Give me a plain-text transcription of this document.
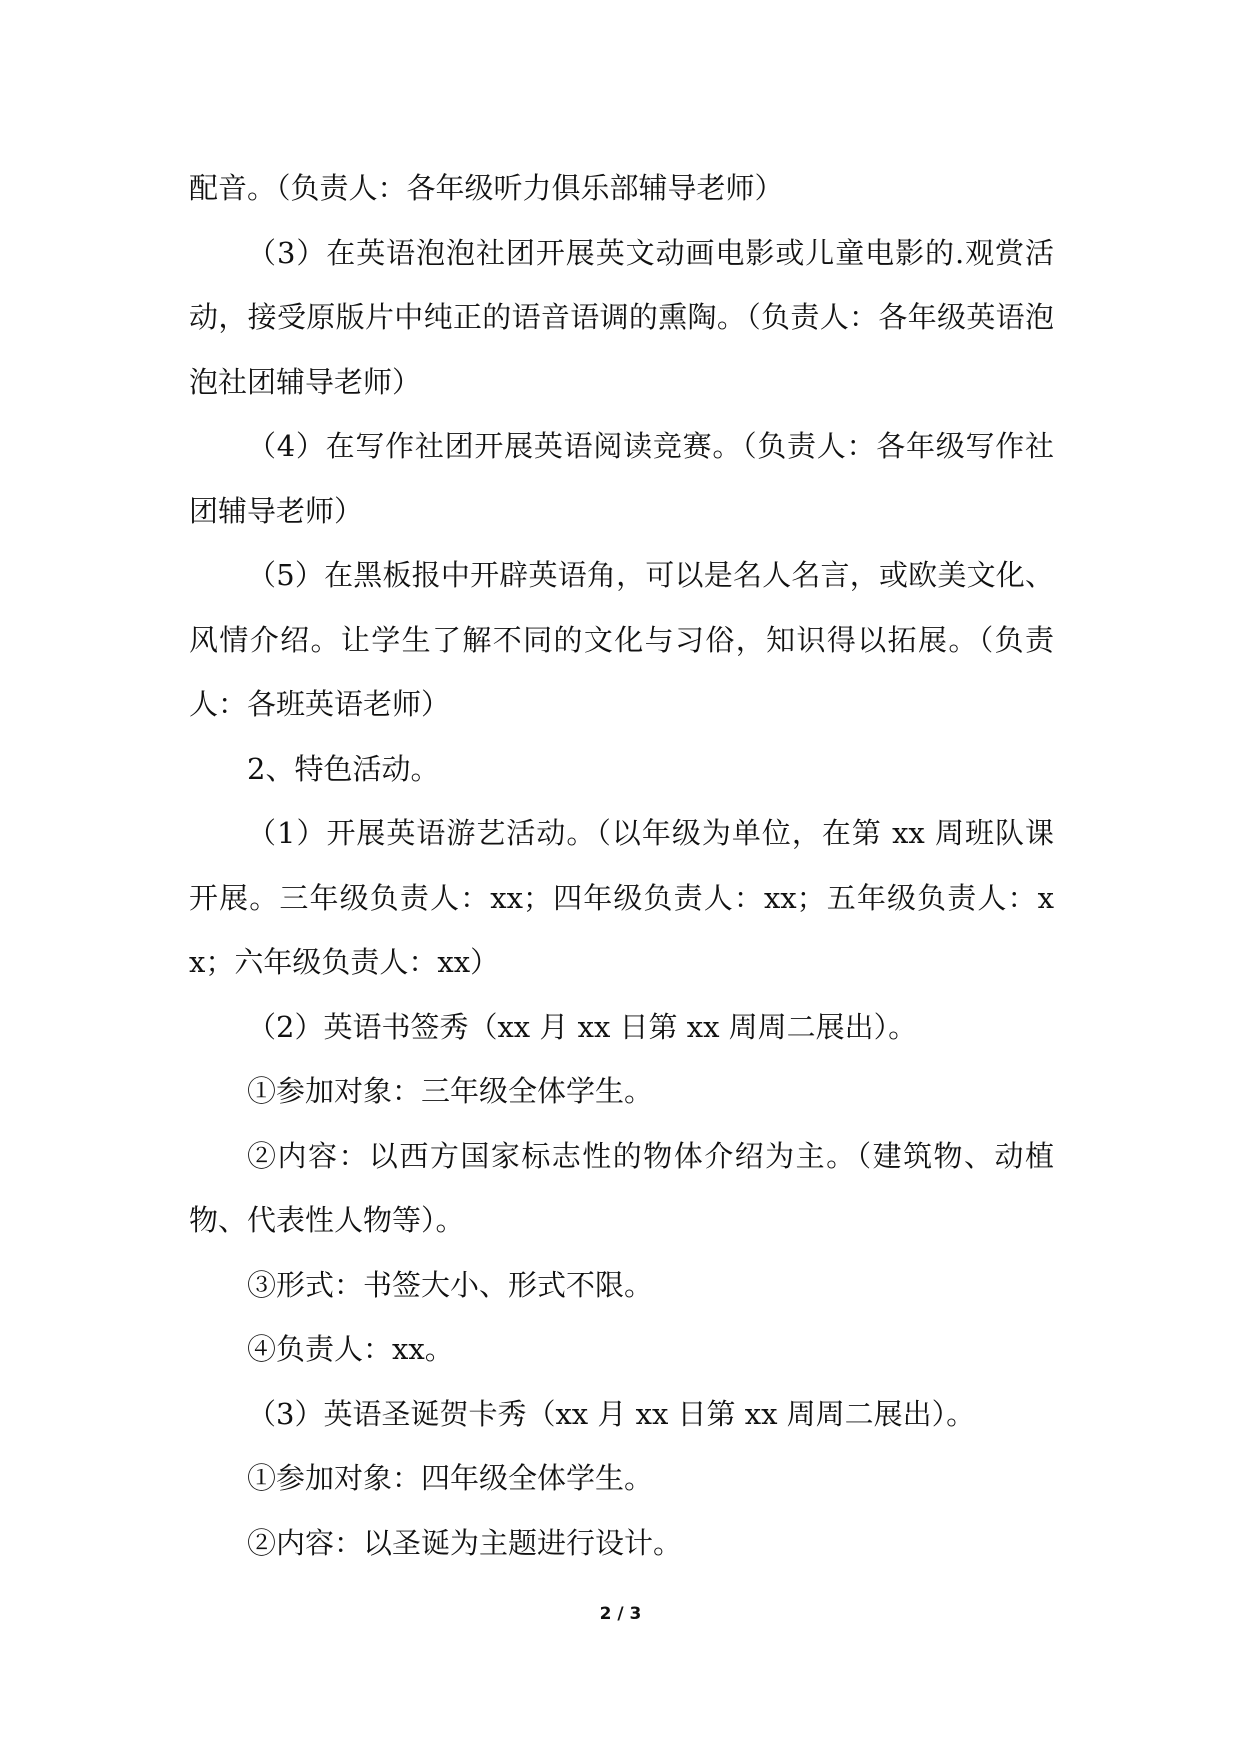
配音。（负责人：各年级听力俱乐部辅导老师）

（3）在英语泡泡社团开展英文动画电影或儿童电影的.观赏活动，接受原版片中纯正的语音语调的熏陶。（负责人：各年级英语泡泡社团辅导老师）

（4）在写作社团开展英语阅读竞赛。（负责人：各年级写作社团辅导老师）

（5）在黑板报中开辟英语角，可以是名人名言，或欧美文化、风情介绍。让学生了解不同的文化与习俗，知识得以拓展。（负责人：各班英语老师）

2、特色活动。

（1）开展英语游艺活动。（以年级为单位，在第 xx 周班队课开展。三年级负责人：xx；四年级负责人：xx；五年级负责人：xx；六年级负责人：xx）

（2）英语书签秀（xx 月 xx 日第 xx 周周二展出）。

①参加对象：三年级全体学生。

②内容：以西方国家标志性的物体介绍为主。（建筑物、动植物、代表性人物等）。

③形式：书签大小、形式不限。

④负责人：xx。

（3）英语圣诞贺卡秀（xx 月 xx 日第 xx 周周二展出）。

①参加对象：四年级全体学生。

②内容：以圣诞为主题进行设计。

2 / 3
